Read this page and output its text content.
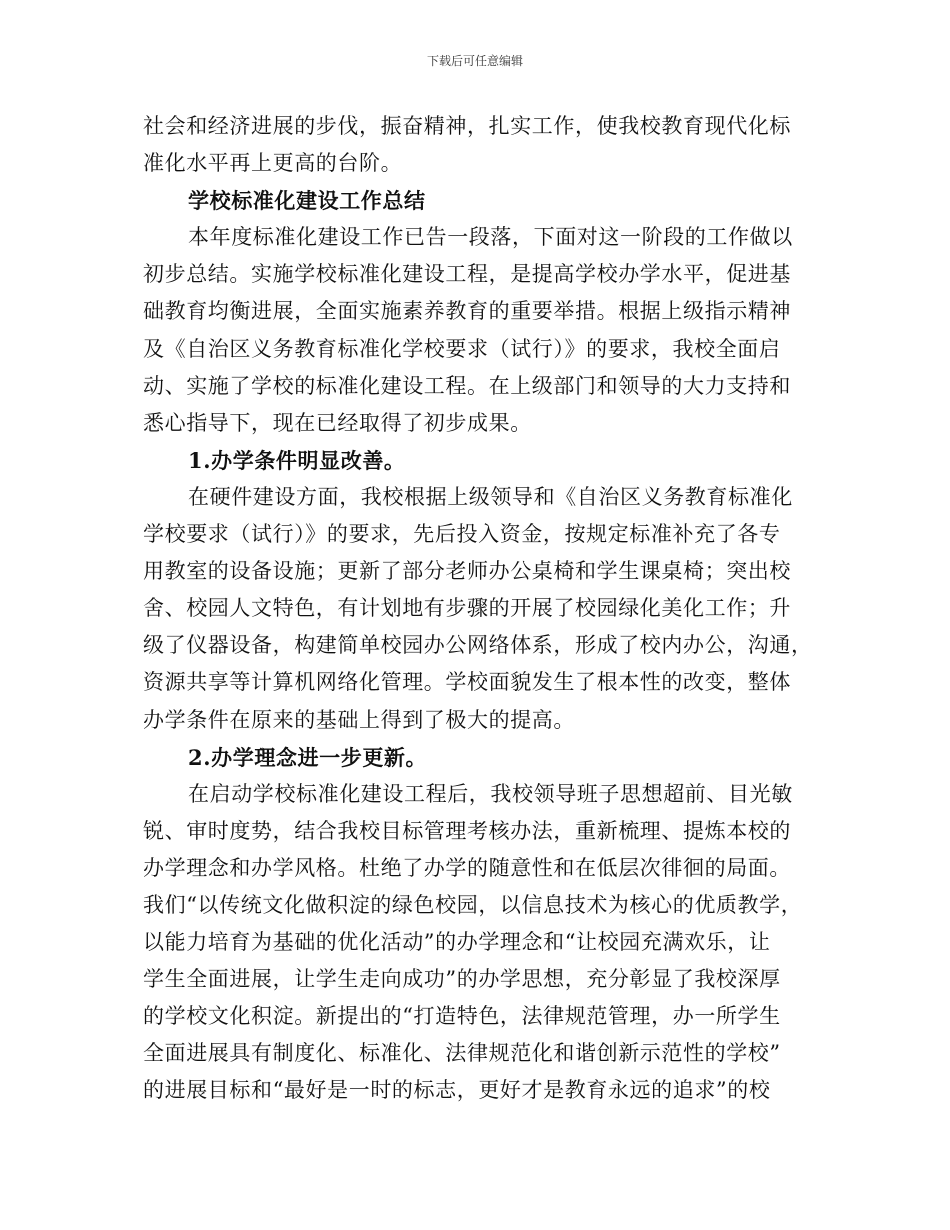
下载后可任意编辑
社会和经济进展的步伐，振奋精神，扎实工作，使我校教育现代化标
准化水平再上更高的台阶。
学校标准化建设工作总结
本年度标准化建设工作已告一段落，下面对这一阶段的工作做以
初步总结。实施学校标准化建设工程，是提高学校办学水平，促进基
础教育均衡进展，全面实施素养教育的重要举措。根据上级指示精神
及《自治区义务教育标准化学校要求（试行）》的要求，我校全面启
动、实施了学校的标准化建设工程。在上级部门和领导的大力支持和
悉心指导下，现在已经取得了初步成果。
1.办学条件明显改善。
在硬件建设方面，我校根据上级领导和《自治区义务教育标准化
学校要求（试行）》的要求，先后投入资金，按规定标准补充了各专
用教室的设备设施；更新了部分老师办公桌椅和学生课桌椅；突出校
舍、校园人文特色，有计划地有步骤的开展了校园绿化美化工作；升
级了仪器设备，构建简单校园办公网络体系，形成了校内办公，沟通，
资源共享等计算机网络化管理。学校面貌发生了根本性的改变，整体
办学条件在原来的基础上得到了极大的提高。
2.办学理念进一步更新。
在启动学校标准化建设工程后，我校领导班子思想超前、目光敏
锐、审时度势，结合我校目标管理考核办法，重新梳理、提炼本校的
办学理念和办学风格。杜绝了办学的随意性和在低层次徘徊的局面。
我们“以传统文化做积淀的绿色校园，以信息技术为核心的优质教学，
以能力培育为基础的优化活动”的办学理念和“让校园充满欢乐，让
学生全面进展，让学生走向成功”的办学思想，充分彰显了我校深厚
的学校文化积淀。新提出的“打造特色，法律规范管理，办一所学生
全面进展具有制度化、标准化、法律规范化和谐创新示范性的学校”
的进展目标和“最好是一时的标志，更好才是教育永远的追求”的校
